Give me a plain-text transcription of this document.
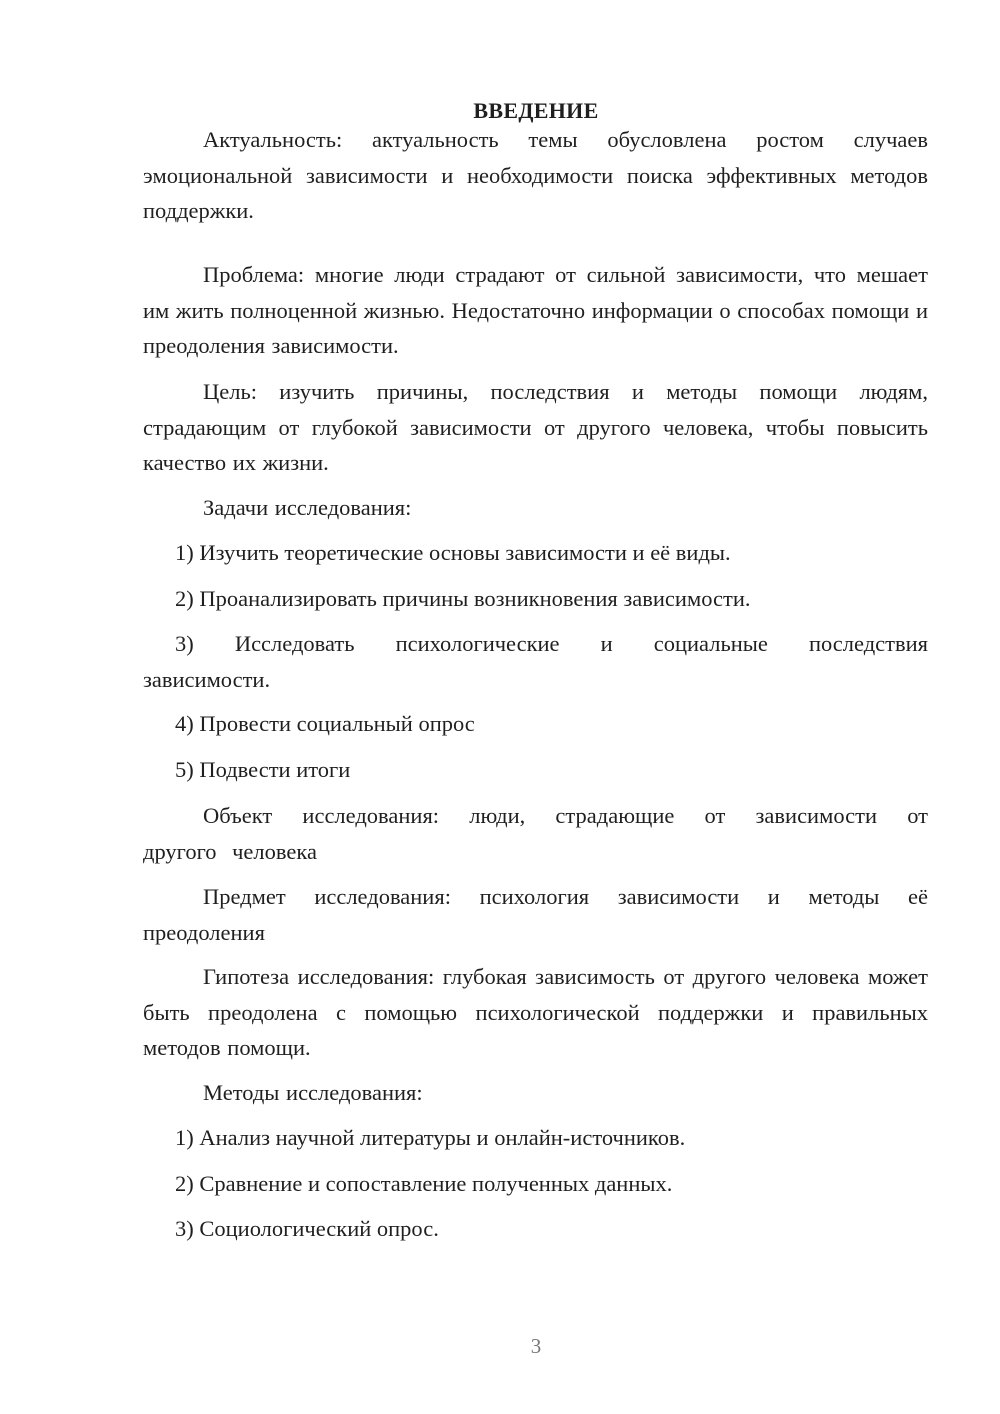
ВВЕДЕНИЕ

Актуальность: актуальность темы обусловлена ростом случаев эмоциональной зависимости и необходимости поиска эффективных методов поддержки.

Проблема: многие люди страдают от сильной зависимости, что мешает им жить полноценной жизнью. Недостаточно информации о способах помощи и преодоления зависимости.

Цель: изучить причины, последствия и методы помощи людям, страдающим от глубокой зависимости от другого человека, чтобы повысить качество их жизни.

Задачи исследования:

1) Изучить теоретические основы зависимости и её виды.

2) Проанализировать причины возникновения зависимости.

3) Исследовать психологические и социальные последствия зависимости.

4) Провести социальный опрос

5) Подвести итоги

Объект исследования: люди, страдающие от зависимости от другого человека

Предмет исследования: психология зависимости и методы её преодоления

Гипотеза исследования: глубокая зависимость от другого человека может быть преодолена с помощью психологической поддержки и правильных методов помощи.

Методы исследования:

1) Анализ научной литературы и онлайн-источников.

2) Сравнение и сопоставление полученных данных.

3) Социологический опрос.

3
